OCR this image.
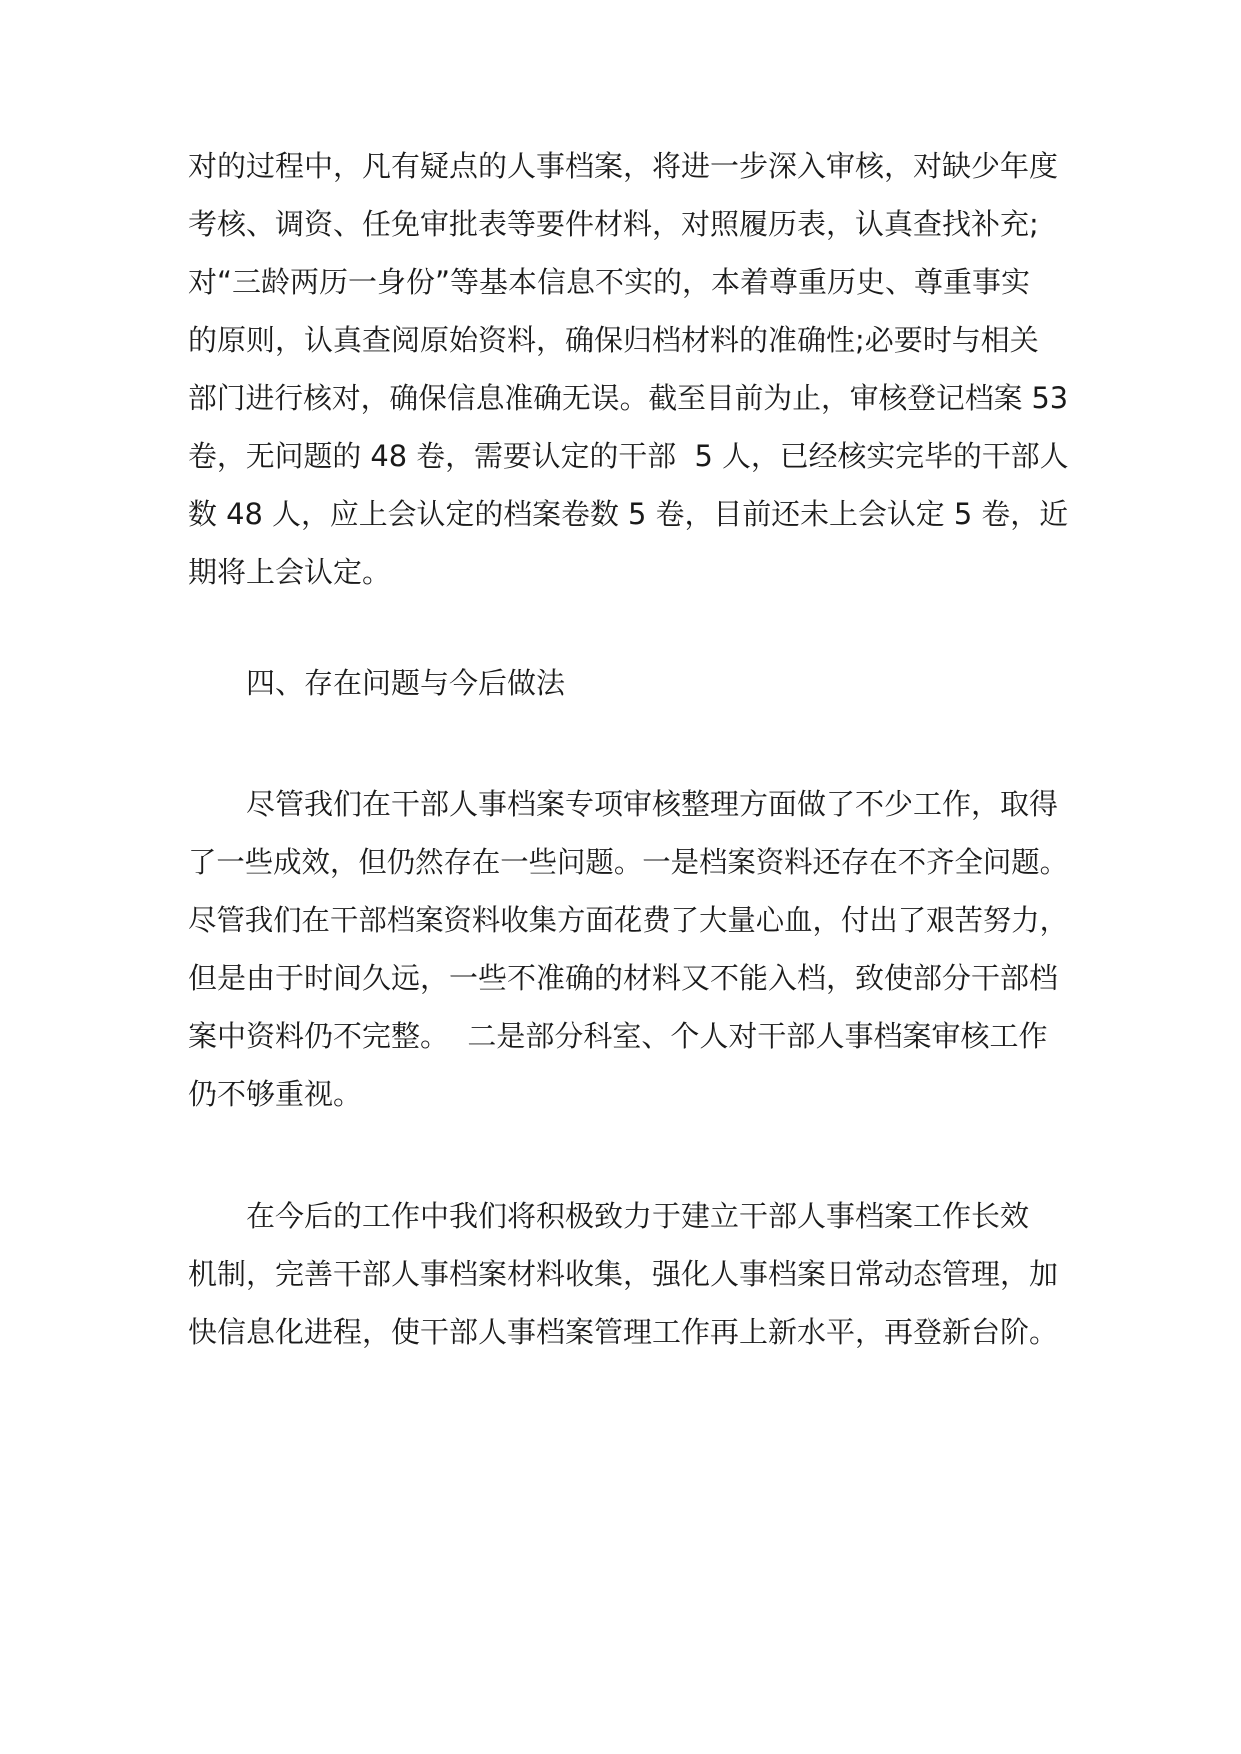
对的过程中，凡有疑点的人事档案，将进一步深入审核，对缺少年度
考核、调资、任免审批表等要件材料，对照履历表，认真查找补充;
对“三龄两历一身份”等基本信息不实的，本着尊重历史、尊重事实
的原则，认真查阅原始资料，确保归档材料的准确性;必要时与相关
部门进行核对，确保信息准确无误。截至目前为止，审核登记档案 53
卷，无问题的 48 卷，需要认定的干部  5 人，已经核实完毕的干部人
数 48 人，应上会认定的档案卷数 5 卷，目前还未上会认定 5 卷，近
期将上会认定。
四、存在问题与今后做法
尽管我们在干部人事档案专项审核整理方面做了不少工作，取得
了一些成效，但仍然存在一些问题。一是档案资料还存在不齐全问题。
尽管我们在干部档案资料收集方面花费了大量心血，付出了艰苦努力，
但是由于时间久远，一些不准确的材料又不能入档，致使部分干部档
案中资料仍不完整。  二是部分科室、个人对干部人事档案审核工作
仍不够重视。
在今后的工作中我们将积极致力于建立干部人事档案工作长效
机制，完善干部人事档案材料收集，强化人事档案日常动态管理，加
快信息化进程，使干部人事档案管理工作再上新水平，再登新台阶。
